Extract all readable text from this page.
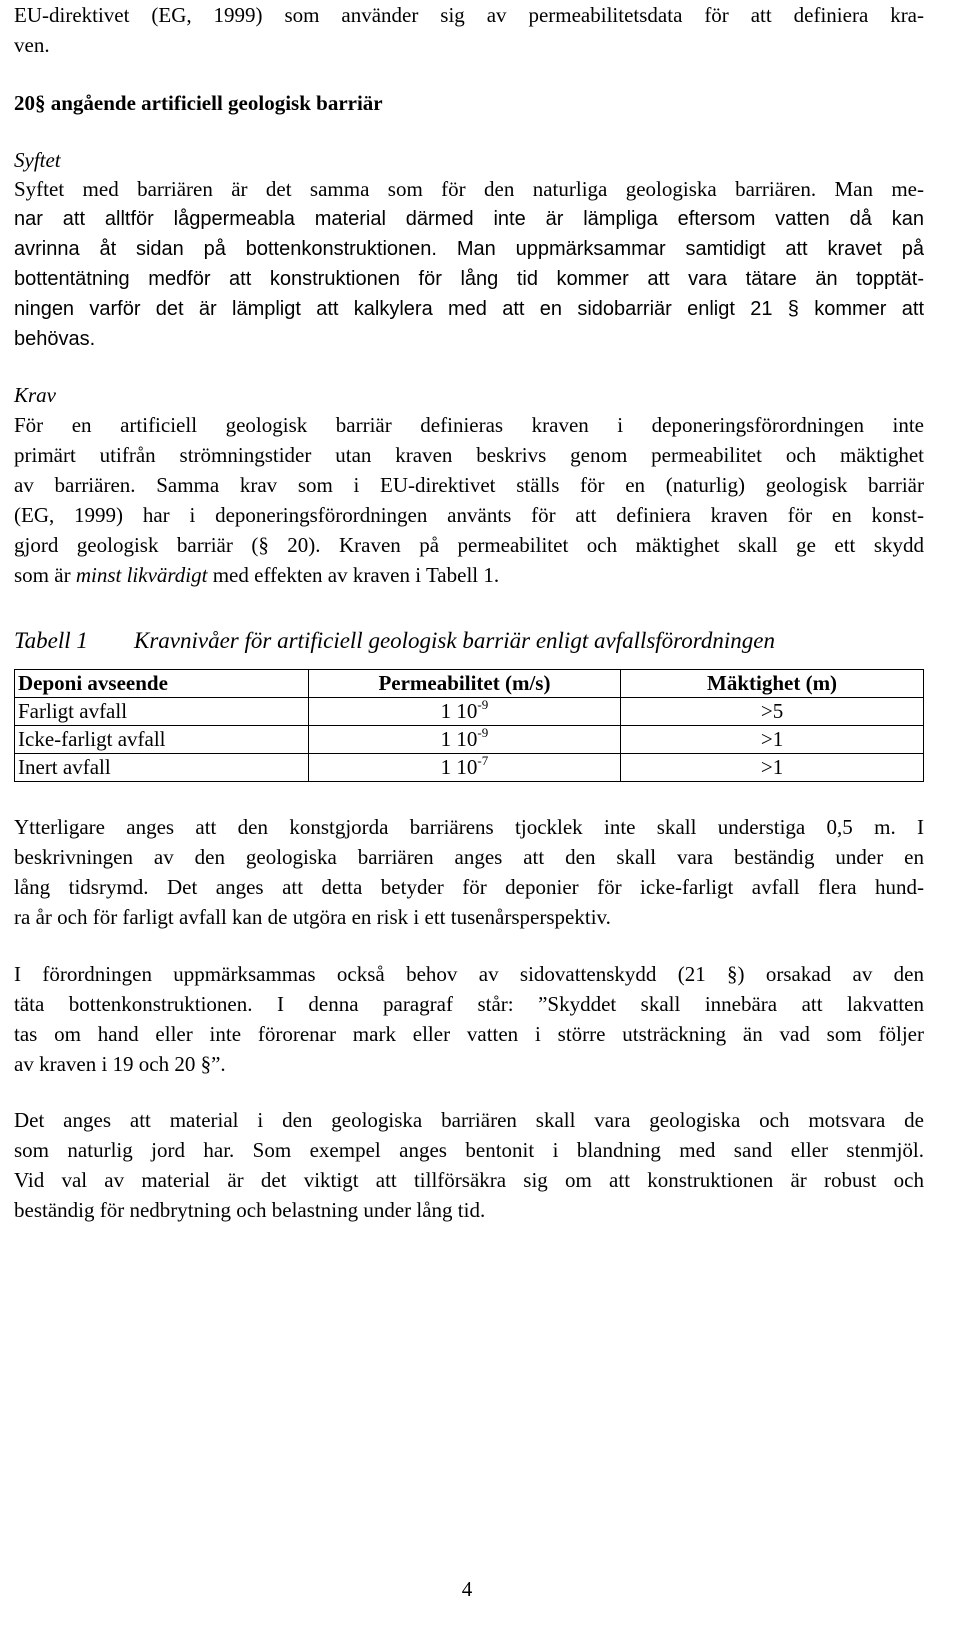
EU-direktivet (EG, 1999) som använder sig av permeabilitetsdata för att definiera kra-
ven.
20§ angående artificiell geologisk barriär
Syftet
Syftet med barriären är det samma som för den naturliga geologiska barriären. Man me-
nar att alltför lågpermeabla material därmed inte är lämpliga eftersom vatten då kan
avrinna åt sidan på bottenkonstruktionen. Man uppmärksammar samtidigt att kravet på
bottentätning medför att konstruktionen för lång tid kommer att vara tätare än topptät-
ningen varför det är lämpligt att kalkylera med att en sidobarriär enligt 21 § kommer att
behövas.
Krav
För en artificiell geologisk barriär definieras kraven i deponeringsförordningen inte
primärt utifrån strömningstider utan kraven beskrivs genom permeabilitet och mäktighet
av barriären. Samma krav som i EU-direktivet ställs för en (naturlig) geologisk barriär
(EG, 1999) har i deponeringsförordningen använts för att definiera kraven för en konst-
gjord geologisk barriär (§ 20). Kraven på permeabilitet och mäktighet skall ge ett skydd
som är minst likvärdigt med effekten av kraven i Tabell 1.
Tabell 1	Kravnivåer för artificiell geologisk barriär enligt avfallsförordningen
Deponi avseende	Permeabilitet (m/s)	Mäktighet (m)
Farligt avfall	1 $10^{-9}$	>5
Icke-farligt avfall	1 $10^{-9}$	>1
Inert avfall	1 $10^{-7}$	>1
Ytterligare anges att den konstgjorda barriärens tjocklek inte skall understiga 0,5 m. I
beskrivningen av den geologiska barriären anges att den skall vara beständig under en
lång tidsrymd. Det anges att detta betyder för deponier för icke-farligt avfall flera hund-
ra år och för farligt avfall kan de utgöra en risk i ett tusenårsperspektiv.
I förordningen uppmärksammas också behov av sidovattenskydd (21 §) orsakad av den
täta bottenkonstruktionen. I denna paragraf står: ”Skyddet skall innebära att lakvatten
tas om hand eller inte förorenar mark eller vatten i större utsträckning än vad som följer
av kraven i 19 och 20 §”.
Det anges att material i den geologiska barriären skall vara geologiska och motsvara de
som naturlig jord har. Som exempel anges bentonit i blandning med sand eller stenmjöl.
Vid val av material är det viktigt att tillförsäkra sig om att konstruktionen är robust och
beständig för nedbrytning och belastning under lång tid.
4
